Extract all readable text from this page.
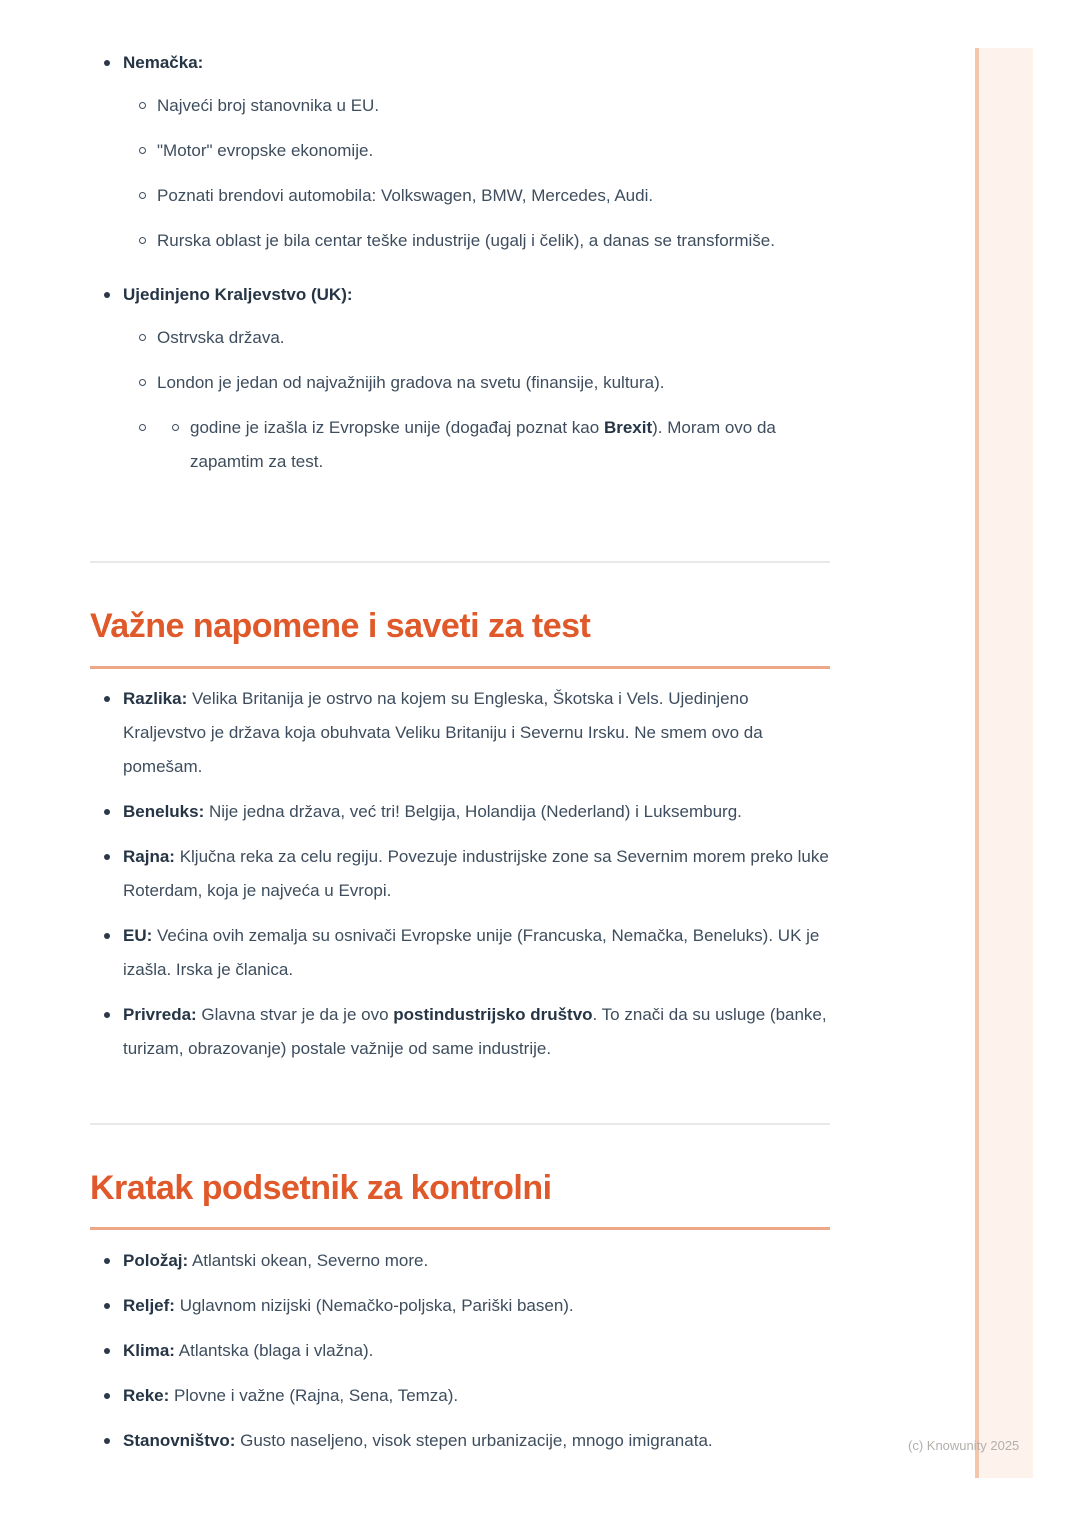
Nemačka:
Najveći broj stanovnika u EU.
"Motor" evropske ekonomije.
Poznati brendovi automobila: Volkswagen, BMW, Mercedes, Audi.
Rurska oblast je bila centar teške industrije (ugalj i čelik), a danas se transformiše.
Ujedinjeno Kraljevstvo (UK):
Ostrvska država.
London je jedan od najvažnijih gradova na svetu (finansije, kultura).
godine je izašla iz Evropske unije (događaj poznat kao Brexit). Moram ovo da zapamtim za test.
Važne napomene i saveti za test
Razlika: Velika Britanija je ostrvo na kojem su Engleska, Škotska i Vels. Ujedinjeno Kraljevstvo je država koja obuhvata Veliku Britaniju i Severnu Irsku. Ne smem ovo da pomešam.
Beneluks: Nije jedna država, već tri! Belgija, Holandija (Nederland) i Luksemburg.
Rajna: Ključna reka za celu regiju. Povezuje industrijske zone sa Severnim morem preko luke Roterdam, koja je najveća u Evropi.
EU: Većina ovih zemalja su osnivači Evropske unije (Francuska, Nemačka, Beneluks). UK je izašla. Irska je članica.
Privreda: Glavna stvar je da je ovo postindustrijsko društvo. To znači da su usluge (banke, turizam, obrazovanje) postale važnije od same industrije.
Kratak podsetnik za kontrolni
Položaj: Atlantski okean, Severno more.
Reljef: Uglavnom nizijski (Nemačko-poljska, Pariški basen).
Klima: Atlantska (blaga i vlažna).
Reke: Plovne i važne (Rajna, Sena, Temza).
Stanovništvo: Gusto naseljeno, visok stepen urbanizacije, mnogo imigranata.	(c) Knowunity 2025
